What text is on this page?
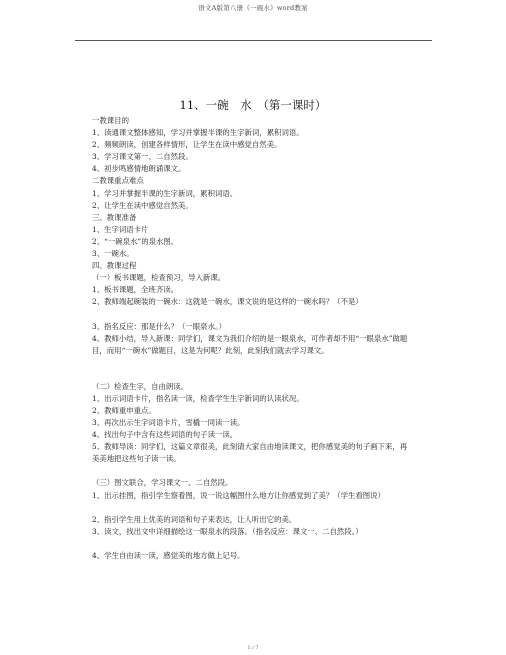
语文A版第八册《一碗水》word教案
11、一碗　水　（第一课时）
一教课目的
1、读通课文整体感知，学习并掌握半课的生字新词，累积词语。
2、频频朗读，创建各样情形，让学生在读中感觉自然美。
3、学习课文第一、二自然段。
4、初步鸣感情地朗诵课文。
二教课重点难点
1、学习并掌握半课的生字新词，累积词语。
2、让学生在读中感觉自然美。
三、教课准备
1、生字词语卡片
2、“一碗泉水”的泉水图。
3、一碗水。
四、教课过程
（一）板书课题，检查预习，导入新课。
1、板书课题，全班齐读。
2、教师端起碗装的一碗水：这就是一碗水，课文说的是这样的一碗水吗？（不是）
3、指名反应：那是什么？（一眼泉水。）
4、教师小结，导入新课：同学们，课文为我们介绍的是一眼泉水，可作者却不用“一眼泉水”做题目，而用“一碗水”做题目，这是为何呢？此刻，此刻我们就去学习课文。
（二）检查生字，自由朗读。
1、出示词语卡片，指名读一读，检查学生生字新词的认读状况。
2、教师重申重点。
3、再次出示生字词语卡片，雪橇一同读一读。
4、找出句子中含有这些词语的句子读一读。
5、教师导读：同学们，这篇文章很美，此刻请大家自由地读课文，把你感觉美的句子画下来，再美美地把这些句子读一读。
（三）图文联合，学习课文一、二自然段。
1、出示挂图，指引学生察看图，说一说这幅图什么地方让你感觉到了美？（学生看图说）
2、指引学生用上优美的词语和句子来表达，让人听出它的美。
3、读文，找出文中详细描绘这一眼泉水的段落。（指名反应：课文一、二自然段。）
4、学生自由读一读，感觉美的地方做上记号。
1 / 7
